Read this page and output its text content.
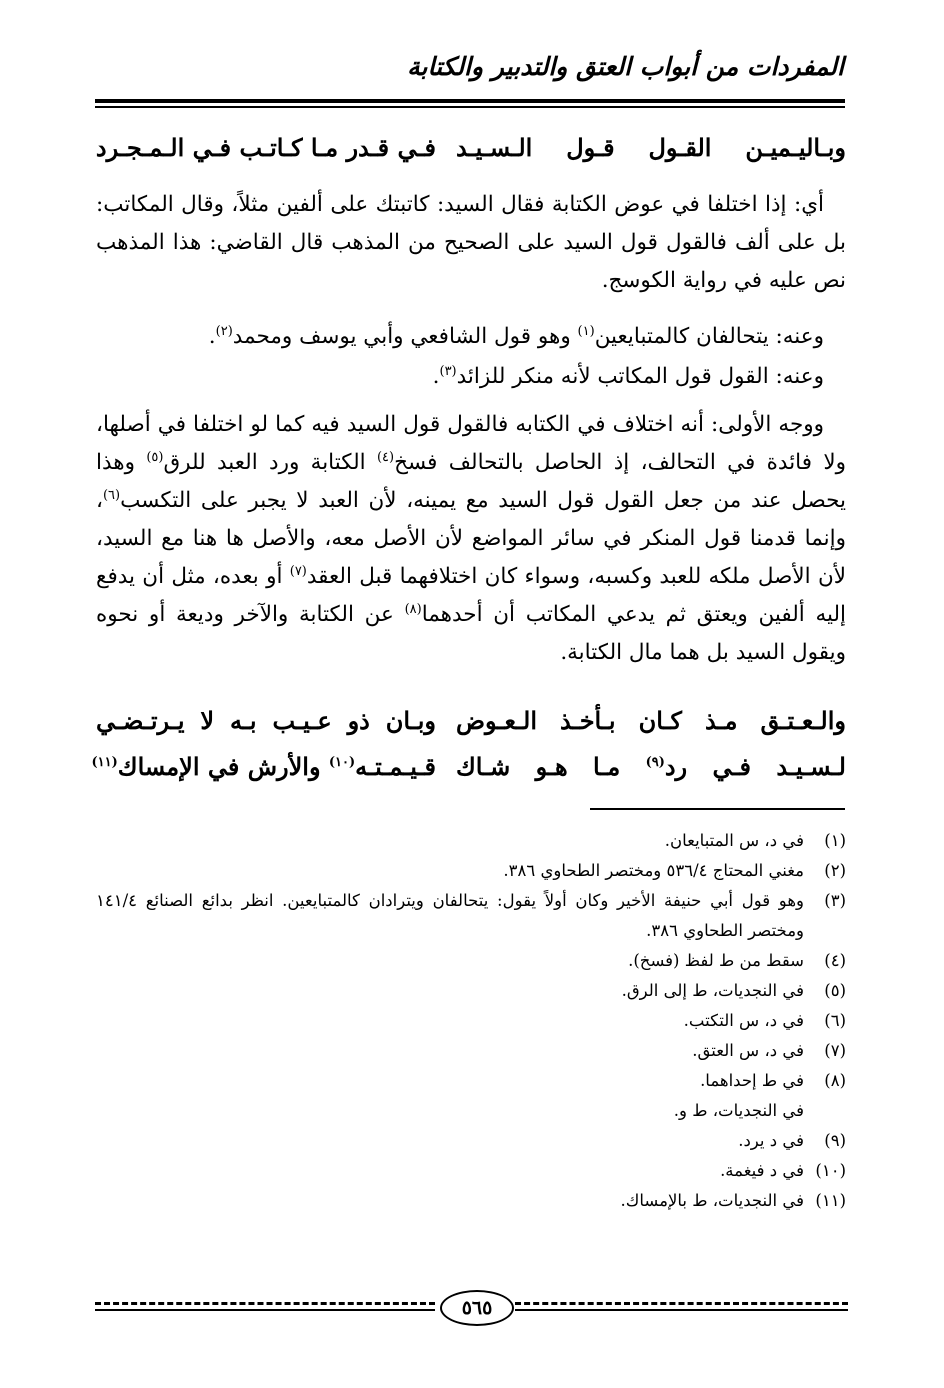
المفردات من أبواب العتق والتدبير والكتابة
وبـاليـميـن القـول قـول الـسـيـد
فـي قـدر مـا كـاتـب فـي الـمـجـرد

أي: إذا اختلفا في عوض الكتابة فقال السيد: كاتبتك على ألفين مثلاً، وقال المكاتب: بل على ألف فالقول قول السيد على الصحيح من المذهب قال القاضي: هذا المذهب نص عليه في رواية الكوسج.

وعنه: يتحالفان كالمتبايعين$^{(١)}$ وهو قول الشافعي وأبي يوسف ومحمد$^{(٢)}$.

وعنه: القول قول المكاتب لأنه منكر للزائد$^{(٣)}$.

ووجه الأولى: أنه اختلاف في الكتابه فالقول قول السيد فيه كما لو اختلفا في أصلها، ولا فائدة في التحالف، إذ الحاصل بالتحالف فسخ$^{(٤)}$ الكتابة ورد العبد للرق$^{(٥)}$ وهذا يحصل عند من جعل القول قول السيد مع يمينه، لأن العبد لا يجبر على التكسب$^{(٦)}$، وإنما قدمنا قول المنكر في سائر المواضع لأن الأصل معه، والأصل ها هنا مع السيد، لأن الأصل ملكه للعبد وكسبه، وسواء كان اختلافهما قبل العقد$^{(٧)}$ أو بعده، مثل أن يدفع إليه ألفين ويعتق ثم يدعي المكاتب أن أحدهما$^{(٨)}$ عن الكتابة والآخر وديعة أو نحوه ويقول السيد بل هما مال الكتابة.

والـعـتـق مـذ كـان بـأخـذ الـعـوض
وبـان ذو عـيـب بـه لا يـرتـضـي
لـسـيـد فـي رد$^{(٩)}$ مـا هـو شـاك
قـيـمـتـه$^{(١٠)}$ والأرش في الإمساك$^{(١١)}$
(١)
في د، س المتبايعان.
(٢)
مغني المحتاج ٥٣٦/٤ ومختصر الطحاوي ٣٨٦.
(٣)
وهو قول أبي حنيفة الأخير وكان أولاً يقول: يتحالفان ويترادان كالمتبايعين. انظر بدائع الصنائع ١٤١/٤ ومختصر الطحاوي ٣٨٦.
(٤)
سقط من ط لفظ (فسخ).
(٥)
في النجديات، ط إلى الرق.
(٦)
في د، س التكتب.
(٧)
في د، س العتق.
(٨)
في ط إحداهما.
في النجديات، ط و.
(٩)
في د يرد.
(١٠)
في د فيغمة.
(١١)
في النجديات، ط بالإمساك.
٥٦٥
